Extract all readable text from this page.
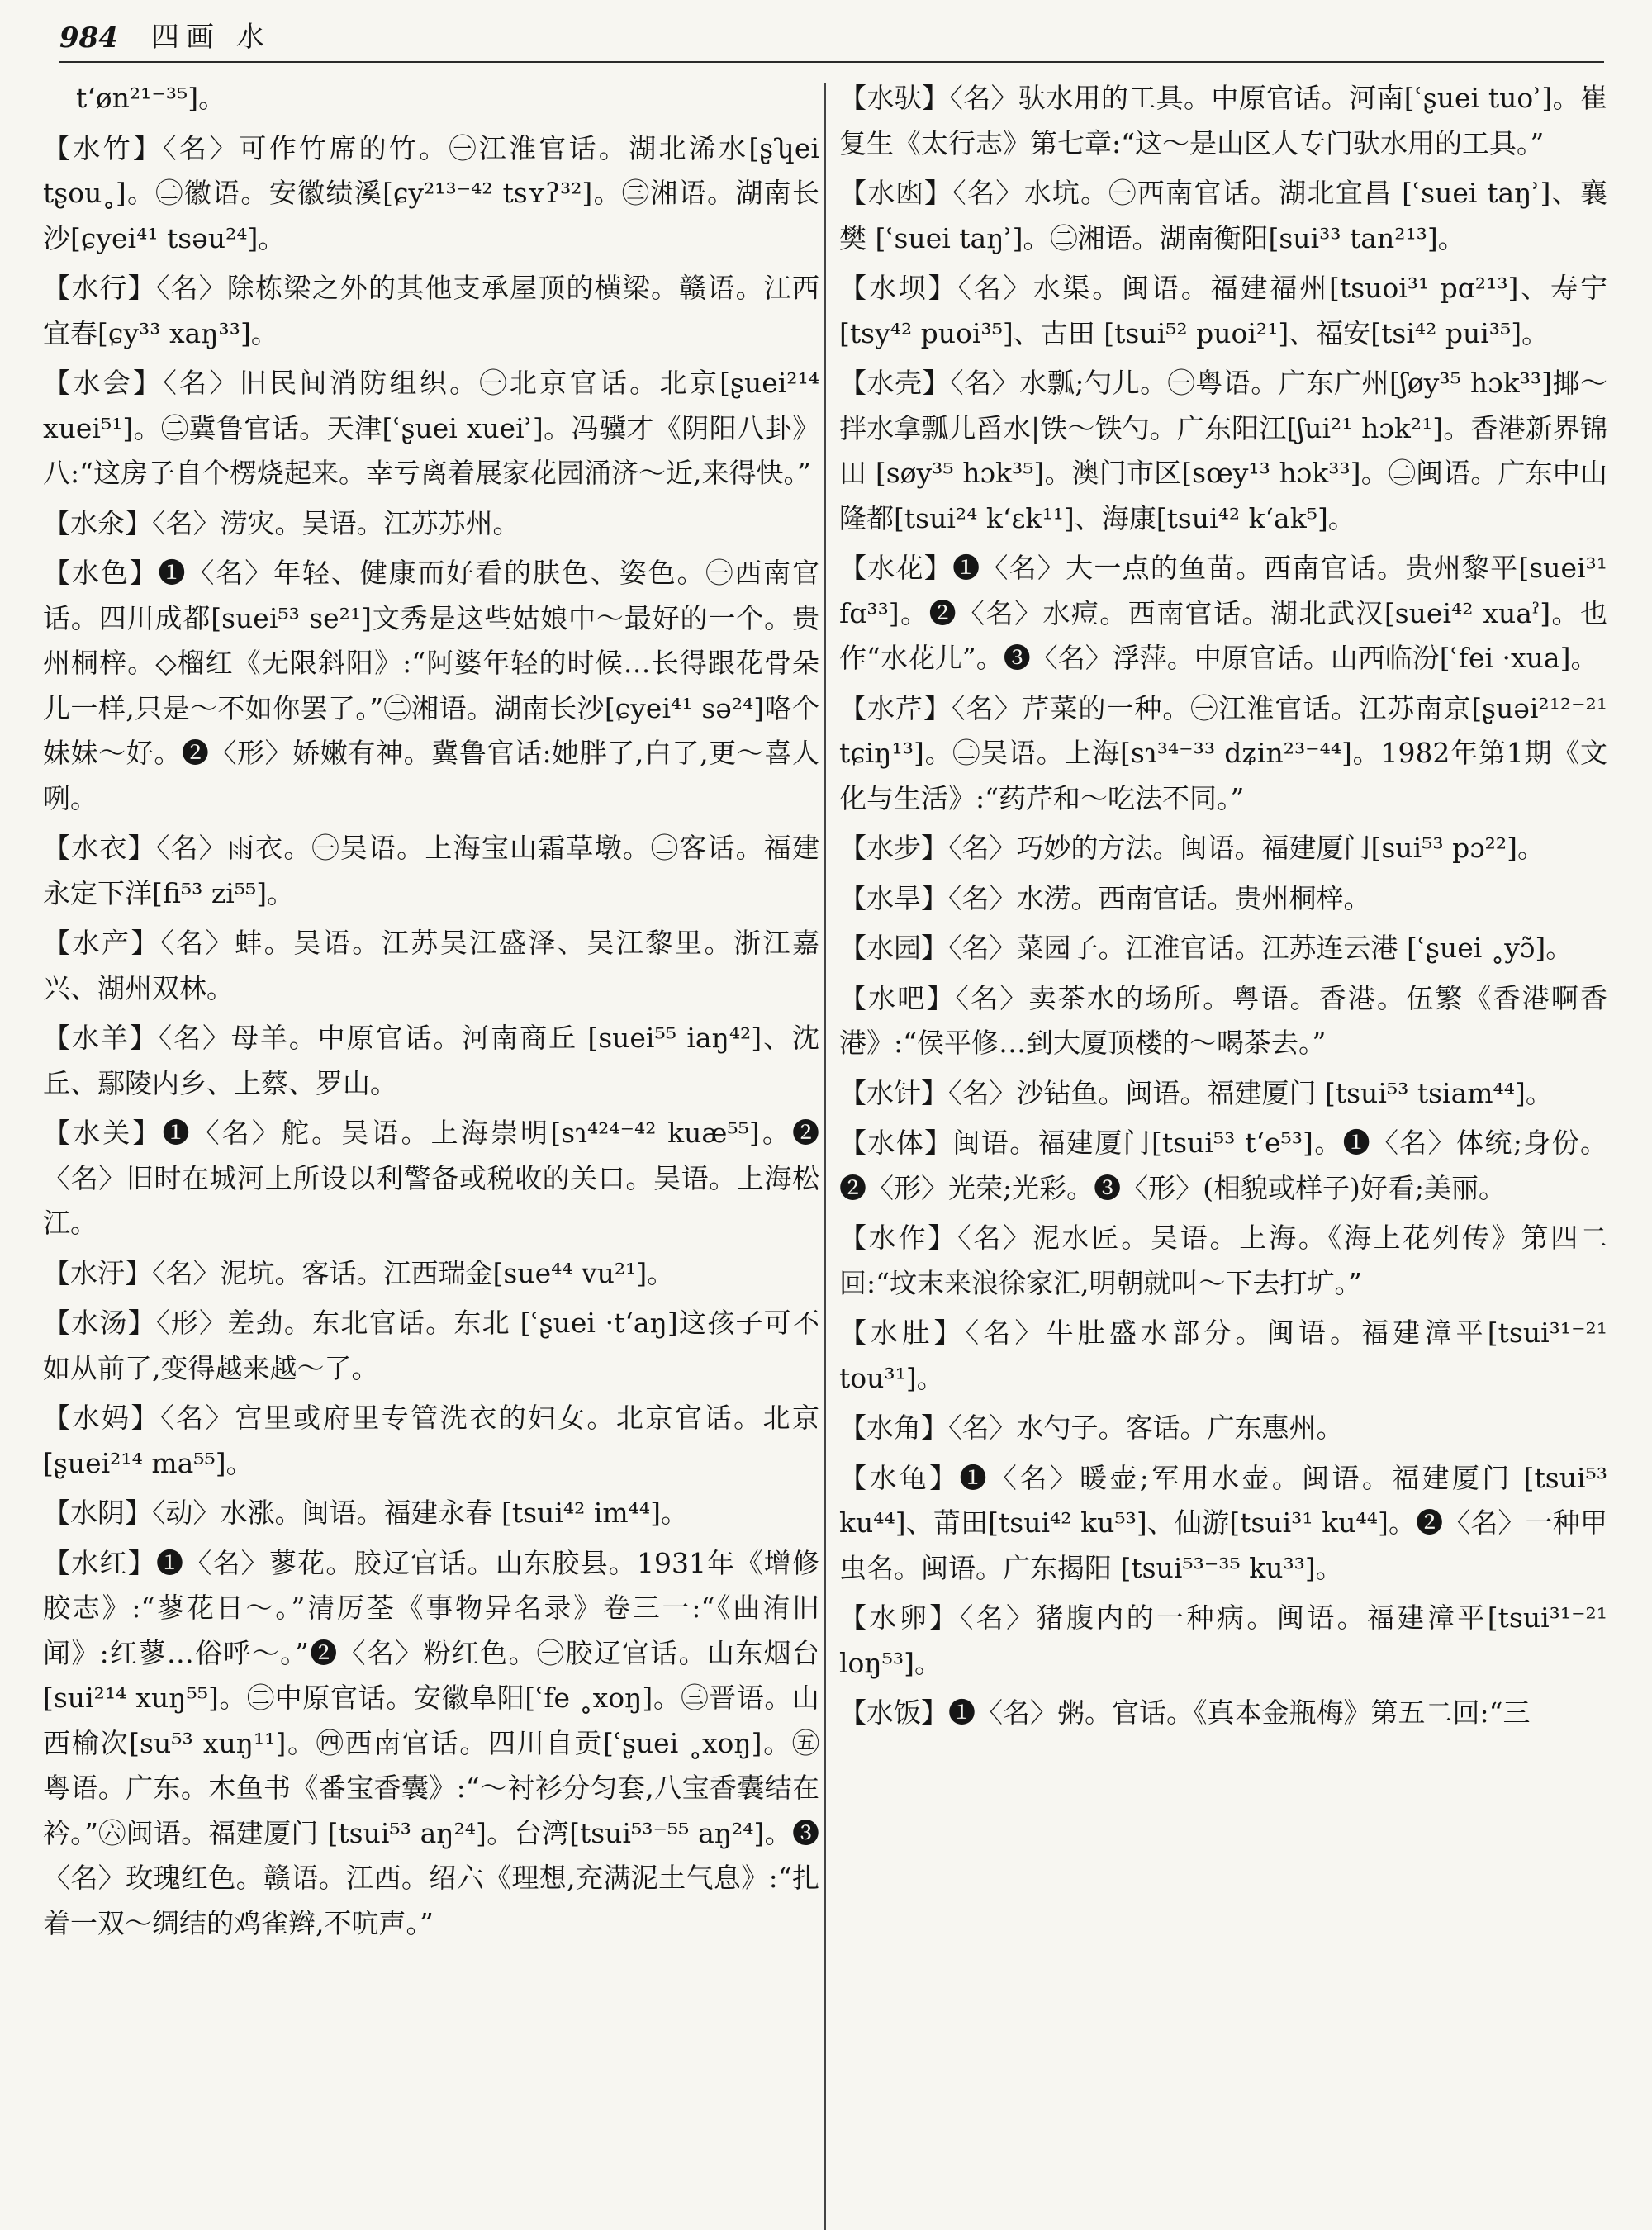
984 四画 水
t‘øn²¹⁻³⁵]。
【水竹】〈名〉可作竹席的竹。㊀江淮官话。湖北浠水[ʂʮei tʂou˳]。㊁徽语。安徽绩溪[ɕy²¹³⁻⁴² tsʏʔ³²]。㊂湘语。湖南长沙[ɕyei⁴¹ tsəu²⁴]。
【水行】〈名〉除栋梁之外的其他支承屋顶的横梁。赣语。江西宜春[ɕy³³ xaŋ³³]。
【水会】〈名〉旧民间消防组织。㊀北京官话。北京[ʂuei²¹⁴ xuei⁵¹]。㊁冀鲁官话。天津[ʿʂuei xueiʾ]。冯骥才《阴阳八卦》八:“这房子自个楞烧起来。幸亏离着展家花园涌济～近,来得快。”
【水氽】〈名〉涝灾。吴语。江苏苏州。
【水色】❶〈名〉年轻、健康而好看的肤色、姿色。㊀西南官话。四川成都[suei⁵³ se²¹]文秀是这些姑娘中～最好的一个。贵州桐梓。◇榴红《无限斜阳》:“阿婆年轻的时候…长得跟花骨朵儿一样,只是～不如你罢了。”㊁湘语。湖南长沙[ɕyei⁴¹ sə²⁴]咯个妹妹～好。❷〈形〉娇嫩有神。冀鲁官话:她胖了,白了,更～喜人咧。
【水衣】〈名〉雨衣。㊀吴语。上海宝山霜草墩。㊁客话。福建永定下洋[fi⁵³ zi⁵⁵]。
【水产】〈名〉蚌。吴语。江苏吴江盛泽、吴江黎里。浙江嘉兴、湖州双林。
【水羊】〈名〉母羊。中原官话。河南商丘 [suei⁵⁵ iaŋ⁴²]、沈丘、鄢陵内乡、上蔡、罗山。
【水关】❶〈名〉舵。吴语。上海崇明[sɿ⁴²⁴⁻⁴² kuæ⁵⁵]。❷〈名〉旧时在城河上所设以利警备或税收的关口。吴语。上海松江。
【水汙】〈名〉泥坑。客话。江西瑞金[sue⁴⁴ vu²¹]。
【水汤】〈形〉差劲。东北官话。东北 [ʿʂuei ·t‘aŋ]这孩子可不如从前了,变得越来越～了。
【水妈】〈名〉宫里或府里专管洗衣的妇女。北京官话。北京[ʂuei²¹⁴ ma⁵⁵]。
【水阴】〈动〉水涨。闽语。福建永春 [tsui⁴² im⁴⁴]。
【水红】❶〈名〉蓼花。胶辽官话。山东胶县。1931年《增修胶志》:“蓼花日～。”清厉荃《事物异名录》卷三一:“《曲洧旧闻》:红蓼…俗呼～。”❷〈名〉粉红色。㊀胶辽官话。山东烟台[sui²¹⁴ xuŋ⁵⁵]。㊁中原官话。安徽阜阳[ʿfe ˳xoŋ]。㊂晋语。山西榆次[su⁵³ xuŋ¹¹]。㊃西南官话。四川自贡[ʿʂuei ˳xoŋ]。㊄粤语。广东。木鱼书《番宝香囊》:“～衬衫分匀套,八宝香囊结在衿。”㊅闽语。福建厦门 [tsui⁵³ aŋ²⁴]。台湾[tsui⁵³⁻⁵⁵ aŋ²⁴]。❸〈名〉玫瑰红色。赣语。江西。绍六《理想,充满泥土气息》:“扎着一双～绸结的鸡雀辫,不吭声。”
【水驮】〈名〉驮水用的工具。中原官话。河南[ʿʂuei tuoʾ]。崔复生《太行志》第七章:“这～是山区人专门驮水用的工具。”
【水凼】〈名〉水坑。㊀西南官话。湖北宜昌 [ʿsuei taŋʾ]、襄樊 [ʿsuei taŋʾ]。㊁湘语。湖南衡阳[sui³³ tan²¹³]。
【水坝】〈名〉水渠。闽语。福建福州[tsuoi³¹ pɑ²¹³]、寿宁 [tsy⁴² puoi³⁵]、古田 [tsui⁵² puoi²¹]、福安[tsi⁴² pui³⁵]。
【水壳】〈名〉水瓢;勺儿。㊀粤语。广东广州[ʃøy³⁵ hɔk³³]揶～拌水拿瓢儿舀水|铁～铁勺。广东阳江[ʃui²¹ hɔk²¹]。香港新界锦田 [søy³⁵ hɔk³⁵]。澳门市区[sœy¹³ hɔk³³]。㊁闽语。广东中山隆都[tsui²⁴ k‘ɛk¹¹]、海康[tsui⁴² k‘ak⁵]。
【水花】❶〈名〉大一点的鱼苗。西南官话。贵州黎平[suei³¹ fɑ³³]。❷〈名〉水痘。西南官话。湖北武汉[suei⁴² xuaˀ]。也作“水花儿”。❸〈名〉浮萍。中原官话。山西临汾[ʿfei ·xua]。
【水芹】〈名〉芹菜的一种。㊀江淮官话。江苏南京[ʂuəi²¹²⁻²¹ tɕiŋ¹³]。㊁吴语。上海[sɿ³⁴⁻³³ dʑin²³⁻⁴⁴]。1982年第1期《文化与生活》:“药芹和～吃法不同。”
【水步】〈名〉巧妙的方法。闽语。福建厦门[sui⁵³ pɔ²²]。
【水旱】〈名〉水涝。西南官话。贵州桐梓。
【水园】〈名〉菜园子。江淮官话。江苏连云港 [ʿʂuei ˳yɔ̃]。
【水吧】〈名〉卖茶水的场所。粤语。香港。伍繁《香港啊香港》:“侯平修…到大厦顶楼的～喝茶去。”
【水针】〈名〉沙钻鱼。闽语。福建厦门 [tsui⁵³ tsiam⁴⁴]。
【水体】闽语。福建厦门[tsui⁵³ t‘e⁵³]。❶〈名〉体统;身份。❷〈形〉光荣;光彩。❸〈形〉(相貌或样子)好看;美丽。
【水作】〈名〉泥水匠。吴语。上海。《海上花列传》第四二回:“坟末来浪徐家汇,明朝就叫～下去打圹。”
【水肚】〈名〉牛肚盛水部分。闽语。福建漳平[tsui³¹⁻²¹ tou³¹]。
【水角】〈名〉水勺子。客话。广东惠州。
【水龟】❶〈名〉暖壶;军用水壶。闽语。福建厦门 [tsui⁵³ ku⁴⁴]、莆田[tsui⁴² ku⁵³]、仙游[tsui³¹ ku⁴⁴]。❷〈名〉一种甲虫名。闽语。广东揭阳 [tsui⁵³⁻³⁵ ku³³]。
【水卵】〈名〉猪腹内的一种病。闽语。福建漳平[tsui³¹⁻²¹ loŋ⁵³]。
【水饭】❶〈名〉粥。官话。《真本金瓶梅》第五二回:“三
